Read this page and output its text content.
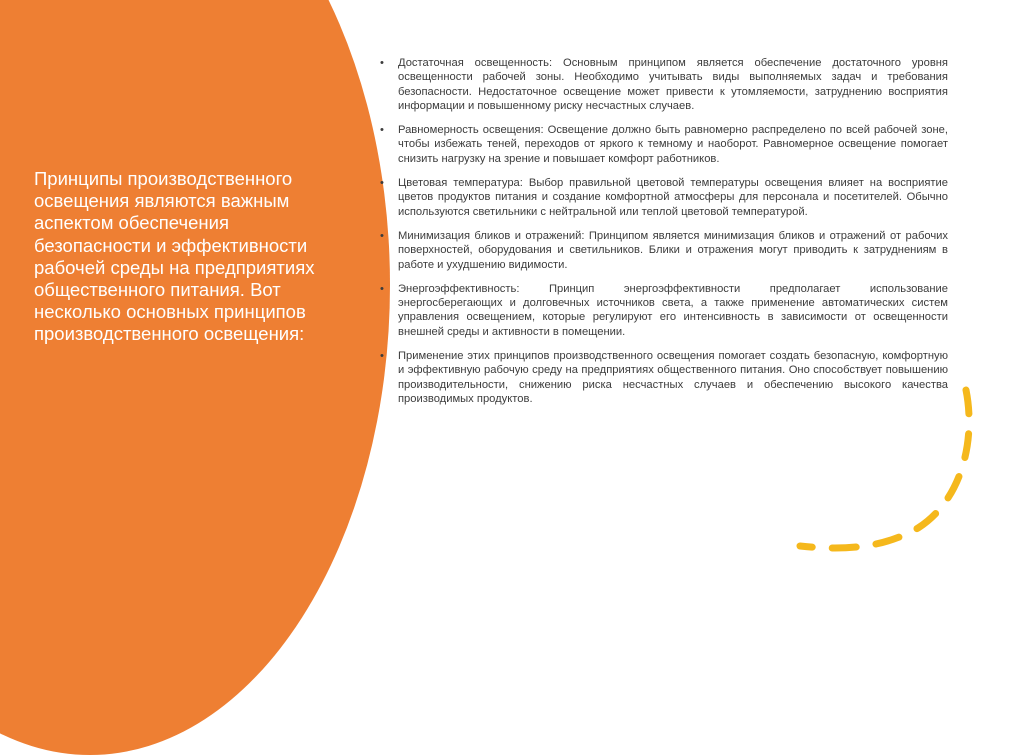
Принципы производственного освещения являются важным аспектом обеспечения безопасности и эффективности рабочей среды на предприятиях общественного питания. Вот несколько основных принципов производственного освещения:

• Достаточная освещенность: Основным принципом является обеспечение достаточного уровня освещенности рабочей зоны. Необходимо учитывать виды выполняемых задач и требования безопасности. Недостаточное освещение может привести к утомляемости, затруднению восприятия информации и повышенному риску несчастных случаев.
• Равномерность освещения: Освещение должно быть равномерно распределено по всей рабочей зоне, чтобы избежать теней, переходов от яркого к темному и наоборот. Равномерное освещение помогает снизить нагрузку на зрение и повышает комфорт работников.
• Цветовая температура: Выбор правильной цветовой температуры освещения влияет на восприятие цветов продуктов питания и создание комфортной атмосферы для персонала и посетителей. Обычно используются светильники с нейтральной или теплой цветовой температурой.
• Минимизация бликов и отражений: Принципом является минимизация бликов и отражений от рабочих поверхностей, оборудования и светильников. Блики и отражения могут приводить к затруднениям в работе и ухудшению видимости.
• Энергоэффективность: Принцип энергоэффективности предполагает использование энергосберегающих и долговечных источников света, а также применение автоматических систем управления освещением, которые регулируют его интенсивность в зависимости от освещенности внешней среды и активности в помещении.
• Применение этих принципов производственного освещения помогает создать безопасную, комфортную и эффективную рабочую среду на предприятиях общественного питания. Оно способствует повышению производительности, снижению риска несчастных случаев и обеспечению высокого качества производимых продуктов.
